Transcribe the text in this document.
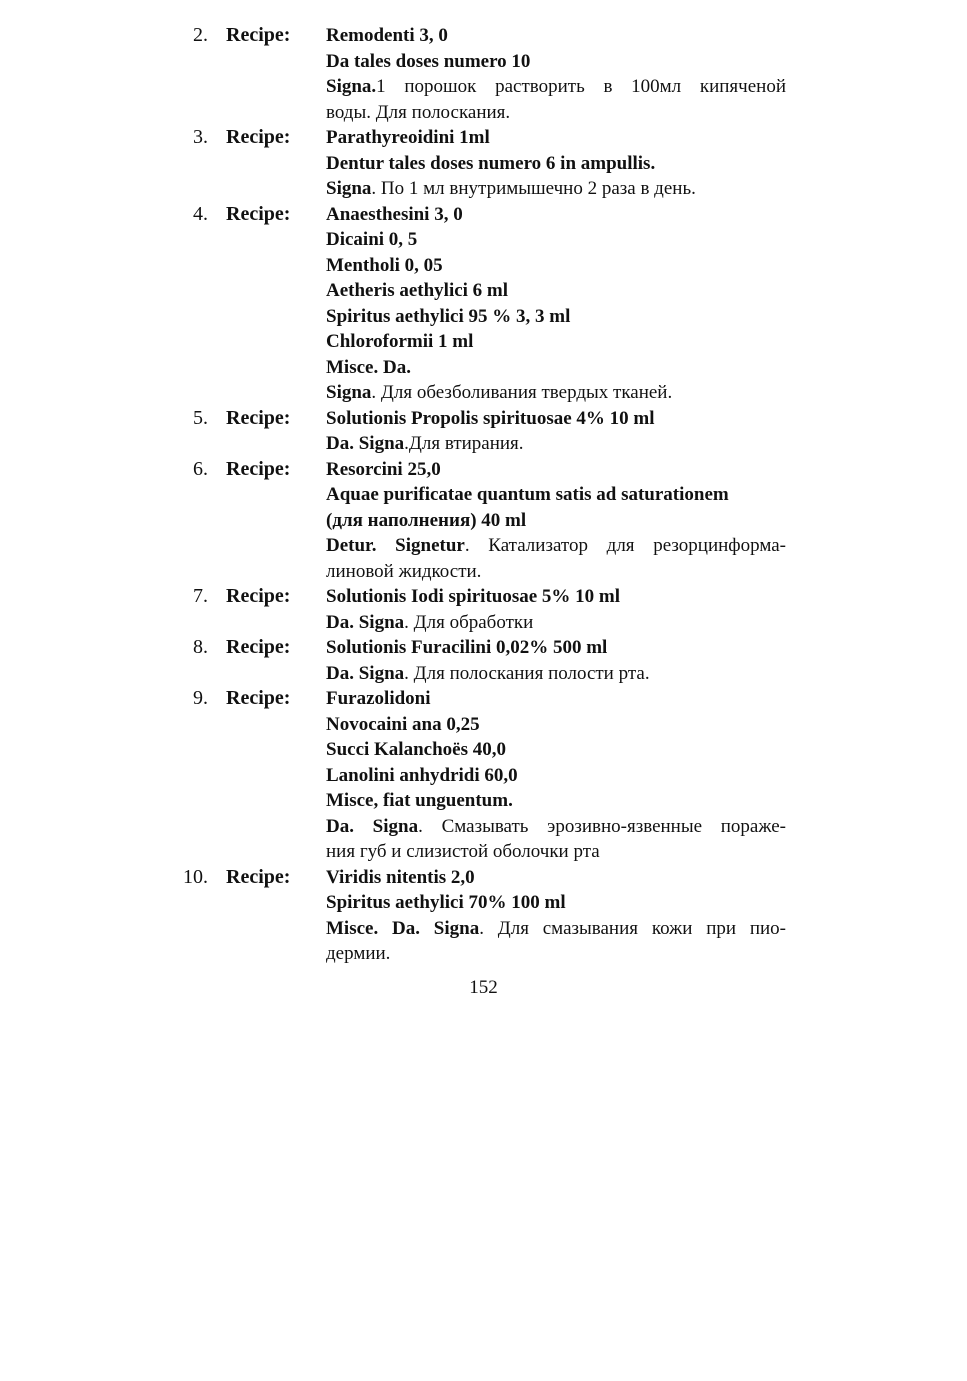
2. Recipe: Remodenti 3, 0
Da tales doses numero 10
Signa.1 порошок растворить в 100мл кипяченой
воды. Для полоскания.
3. Recipe: Parathyreoidini 1ml
Dentur tales doses numero 6 in ampullis.
Signa. По 1 мл внутримышечно 2 раза в день.
4. Recipe: Anaesthesini 3, 0
Dicaini 0, 5
Mentholi 0, 05
Aetheris aethylici 6 ml
Spiritus aethylici 95 % 3, 3 ml
Chloroformii 1 ml
Misce. Da.
Signa. Для обезболивания твердых тканей.
5. Recipe: Solutionis Propolis spirituosae 4% 10 ml
Da. Signa.Для втирания.
6. Recipe: Resorcini 25,0
Aquae purificatae quantum satis ad saturationem
(для наполнения) 40 ml
Detur. Signetur. Катализатор для резорцинформа-
линовой жидкости.
7. Recipe: Solutionis Iodi spirituosae 5% 10 ml
Da. Signa. Для обработки
8. Recipe: Solutionis Furacilini 0,02% 500 ml
Da. Signa. Для полоскания полости рта.
9. Recipe: Furazolidoni
Novocaini ana 0,25
Succi Kalanchoës 40,0
Lanolini anhydridi 60,0
Misce, fiat unguentum.
Da. Signa. Смазывать эрозивно-язвенные пораже-
ния губ и слизистой оболочки рта
10. Recipe: Viridis nitentis 2,0
Spiritus aethylici 70% 100 ml
Misce. Da. Signa. Для смазывания кожи при пио-
дермии.
152
